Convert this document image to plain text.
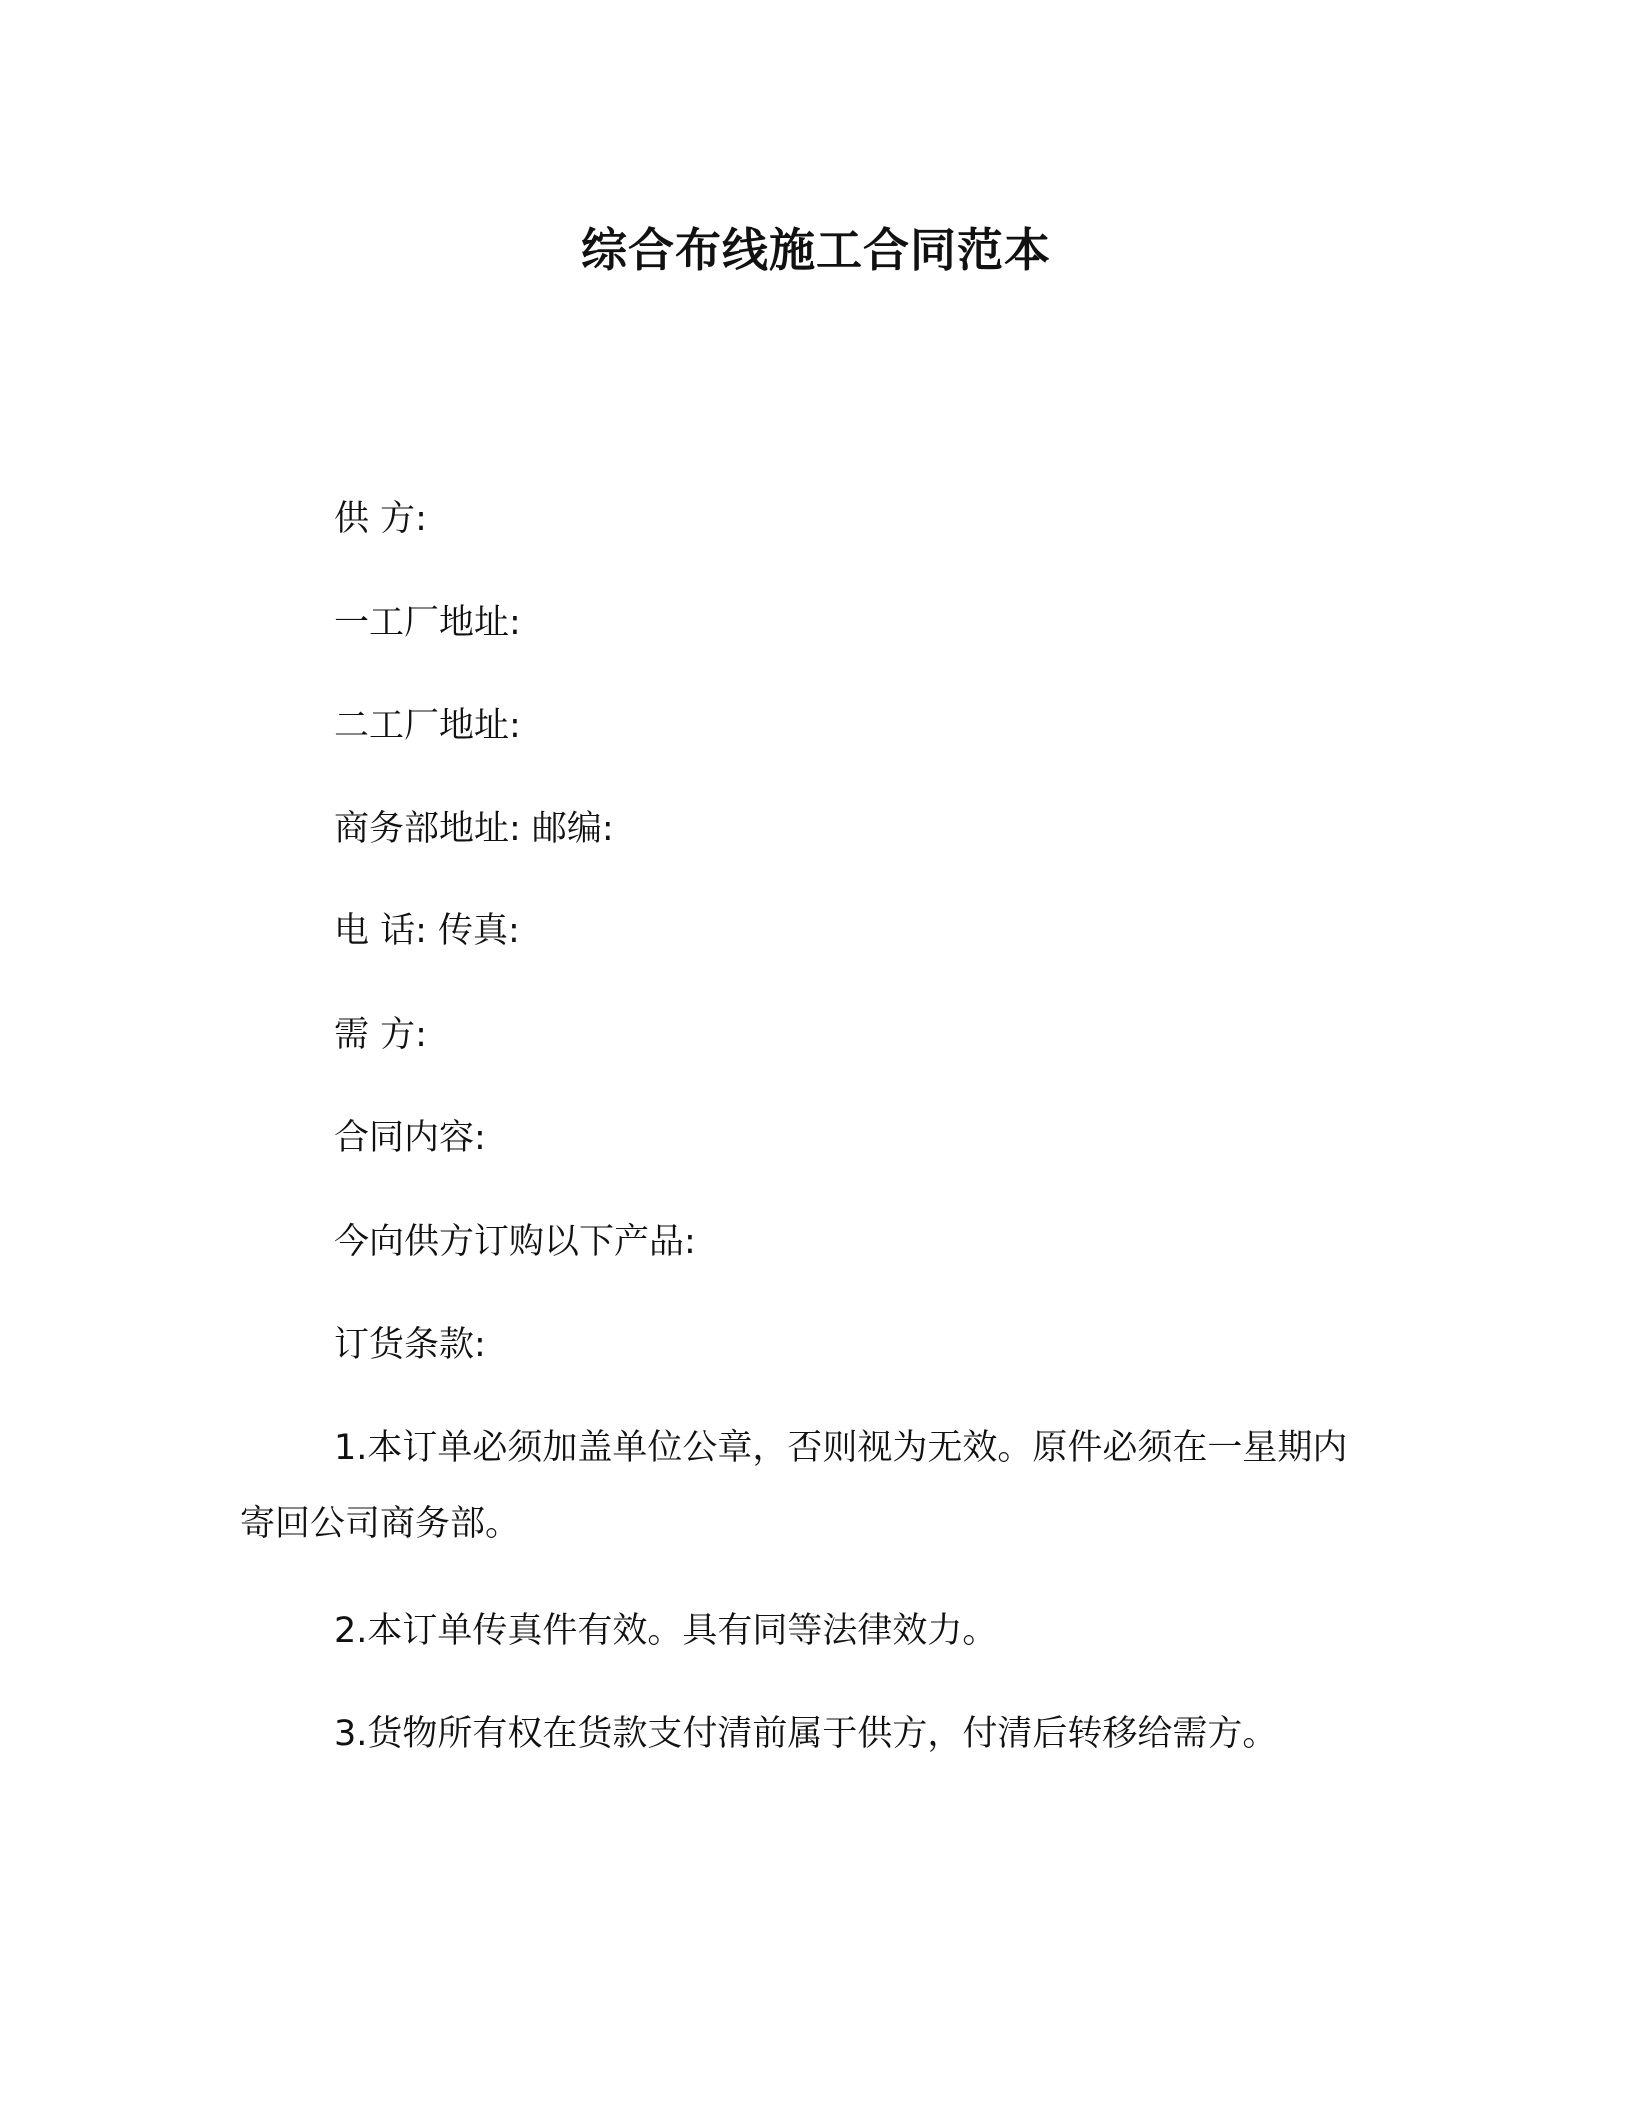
综合布线施工合同范本
供 方:
一工厂地址:
二工厂地址:
商务部地址: 邮编:
电 话: 传真:
需 方:
合同内容:
今向供方订购以下产品:
订货条款:

1.本订单必须加盖单位公章，否则视为无效。原件必须在一星期内寄回公司商务部。

2.本订单传真件有效。具有同等法律效力。

3.货物所有权在货款支付清前属于供方，付清后转移给需方。
